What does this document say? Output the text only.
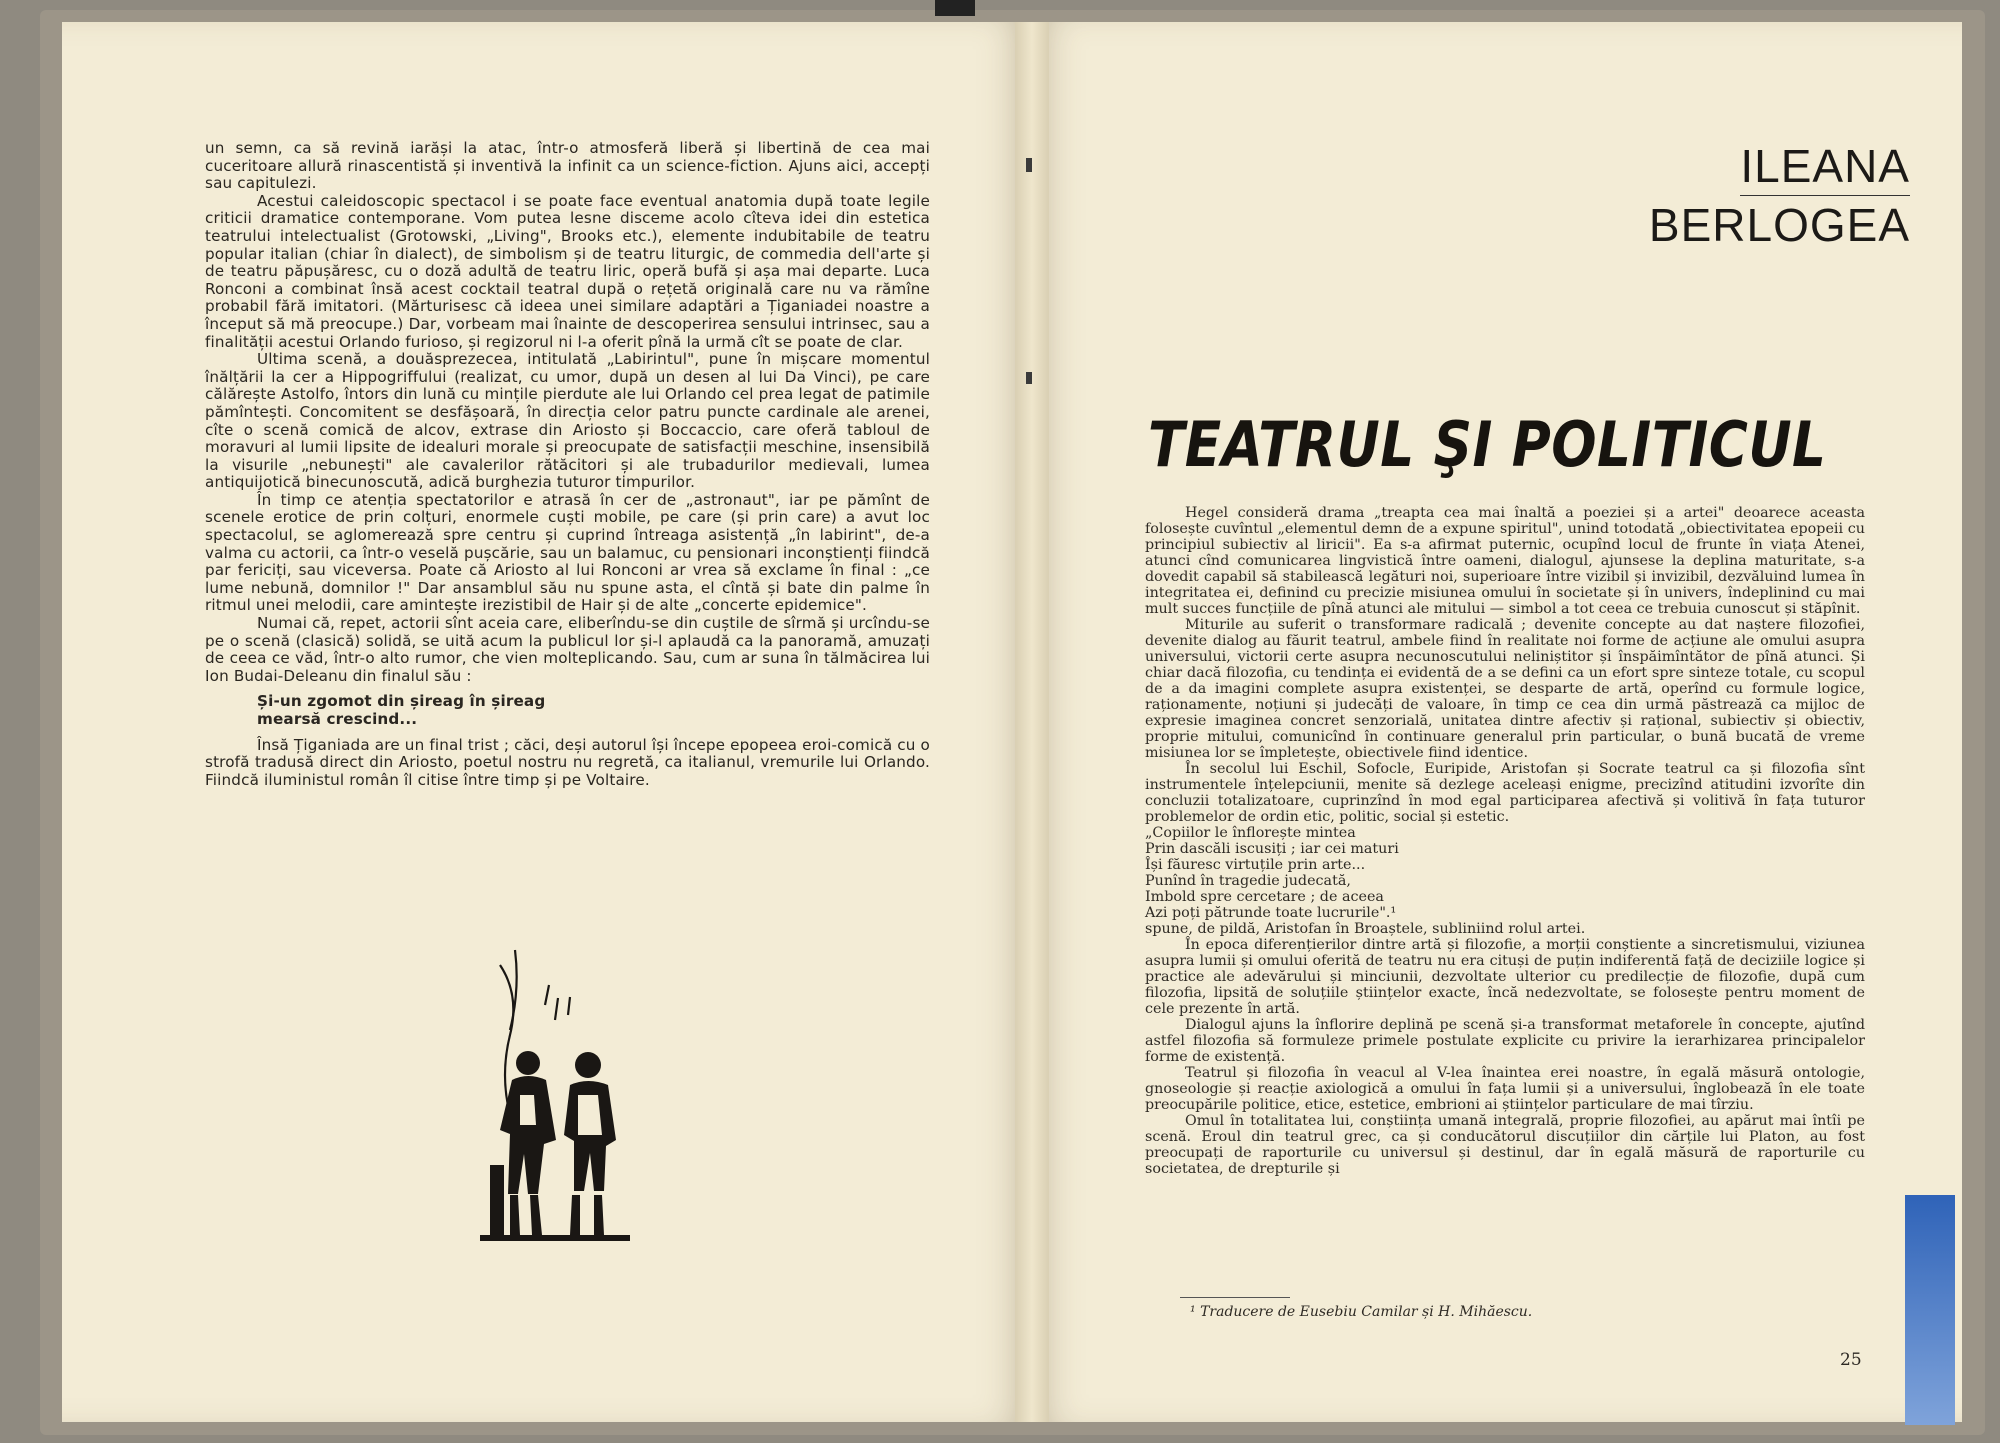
un semn, ca să revină iarăși la atac, într-o atmosferă liberă și libertină de cea mai cuceritoare allură rinascentistă și inventivă la infinit ca un science-fiction. Ajuns aici, accepți sau capitulezi.

Acestui caleidoscopic spectacol i se poate face eventual anatomia după toate legile criticii dramatice contemporane. Vom putea lesne disceme acolo cîteva idei din estetica teatrului intelectualist (Grotowski, „Living", Brooks etc.), elemente indubitabile de teatru popular italian (chiar în dialect), de simbolism și de teatru liturgic, de commedia dell'arte și de teatru păpușăresc, cu o doză adultă de teatru liric, operă bufă și așa mai departe. Luca Ronconi a combinat însă acest cocktail teatral după o rețetă originală care nu va rămîne probabil fără imitatori. (Mărturisesc că ideea unei similare adaptări a Țiganiadei noastre a început să mă preocupe.) Dar, vorbeam mai înainte de descoperirea sensului intrinsec, sau a finalității acestui Orlando furioso, și regizorul ni l-a oferit pînă la urmă cît se poate de clar.

Ultima scenă, a douăsprezecea, intitulată „Labirintul", pune în mișcare momentul înălțării la cer a Hippogriffului (realizat, cu umor, după un desen al lui Da Vinci), pe care călărește Astolfo, întors din lună cu mințile pierdute ale lui Orlando cel prea legat de patimile pămîntești. Concomitent se desfășoară, în direcția celor patru puncte cardinale ale arenei, cîte o scenă comică de alcov, extrase din Ariosto și Boccaccio, care oferă tabloul de moravuri al lumii lipsite de idealuri morale și preocupate de satisfacții meschine, insensibilă la visurile „nebunești" ale cavalerilor rătăcitori și ale trubadurilor medievali, lumea antiquijotică binecunoscută, adică burghezia tuturor timpurilor.

În timp ce atenția spectatorilor e atrasă în cer de „astronaut", iar pe pămînt de scenele erotice de prin colțuri, enormele cuști mobile, pe care (și prin care) a avut loc spectacolul, se aglomerează spre centru și cuprind întreaga asistență „în labirint", de-a valma cu actorii, ca într-o veselă pușcărie, sau un balamuc, cu pensionari inconștienți fiindcă par fericiți, sau viceversa. Poate că Ariosto al lui Ronconi ar vrea să exclame în final : „ce lume nebună, domnilor !" Dar ansamblul său nu spune asta, el cîntă și bate din palme în ritmul unei melodii, care amintește irezistibil de Hair și de alte „concerte epidemice".

Numai că, repet, actorii sînt aceia care, eliberîndu-se din cuștile de sîrmă și urcîndu-se pe o scenă (clasică) solidă, se uită acum la publicul lor și-l aplaudă ca la panoramă, amuzați de ceea ce văd, într-o alto rumor, che vien molteplicando. Sau, cum ar suna în tălmăcirea lui Ion Budai-Deleanu din finalul său :

Și-un zgomot din șireag în șireag
mearsă crescind...

Însă Țiganiada are un final trist ; căci, deși autorul își începe epopeea eroi-comică cu o strofă tradusă direct din Ariosto, poetul nostru nu regretă, ca italianul, vremurile lui Orlando. Fiindcă iluministul român îl citise între timp și pe Voltaire.

ILEANA
BERLOGEA
TEATRUL ŞI POLITICUL

Hegel consideră drama „treapta cea mai înaltă a poeziei și a artei" deoarece aceasta folosește cuvîntul „elementul demn de a expune spiritul", unind totodată „obiectivitatea epopeii cu principiul subiectiv al liricii". Ea s-a afirmat puternic, ocupînd locul de frunte în viața Atenei, atunci cînd comunicarea lingvistică între oameni, dialogul, ajunsese la deplina maturitate, s-a dovedit capabil să stabilească legături noi, superioare între vizibil și invizibil, dezvăluind lumea în integritatea ei, definind cu precizie misiunea omului în societate și în univers, îndeplinind cu mai mult succes funcțiile de pînă atunci ale mitului — simbol a tot ceea ce trebuia cunoscut și stăpînit.

Miturile au suferit o transformare radicală ; devenite concepte au dat naștere filozofiei, devenite dialog au făurit teatrul, ambele fiind în realitate noi forme de acțiune ale omului asupra universului, victorii certe asupra necunoscutului neliniștitor și înspăimîntător de pînă atunci. Și chiar dacă filozofia, cu tendința ei evidentă de a se defini ca un efort spre sinteze totale, cu scopul de a da imagini complete asupra existenței, se desparte de artă, operînd cu formule logice, raționamente, noțiuni și judecăți de valoare, în timp ce cea din urmă păstrează ca mijloc de expresie imaginea concret senzorială, unitatea dintre afectiv și rațional, subiectiv și obiectiv, proprie mitului, comunicînd în continuare generalul prin particular, o bună bucată de vreme misiunea lor se împletește, obiectivele fiind identice.

În secolul lui Eschil, Sofocle, Euripide, Aristofan și Socrate teatrul ca și filozofia sînt instrumentele înțelepciunii, menite să dezlege aceleași enigme, precizînd atitudini izvorîte din concluzii totalizatoare, cuprinzînd în mod egal participarea afectivă și volitivă în fața tuturor problemelor de ordin etic, politic, social și estetic.

„Copiilor le înflorește mintea
Prin dascăli iscusiți ; iar cei maturi
Își făuresc virtuțile prin arte...
Punînd în tragedie judecată,
Imbold spre cercetare ; de aceea
Azi poți pătrunde toate lucrurile".¹
spune, de pildă, Aristofan în Broaștele, subliniind rolul artei.

În epoca diferențierilor dintre artă și filozofie, a morții conștiente a sincretismului, viziunea asupra lumii și omului oferită de teatru nu era cituși de puțin indiferentă față de deciziile logice și practice ale adevărului și minciunii, dezvoltate ulterior cu predilecție de filozofie, după cum filozofia, lipsită de soluțiile științelor exacte, încă nedezvoltate, se folosește pentru moment de cele prezente în artă.

Dialogul ajuns la înflorire deplină pe scenă și-a transformat metaforele în concepte, ajutînd astfel filozofia să formuleze primele postulate explicite cu privire la ierarhizarea principalelor forme de existență.

Teatrul și filozofia în veacul al V-lea înaintea erei noastre, în egală măsură ontologie, gnoseologie și reacție axiologică a omului în fața lumii și a universului, înglobează în ele toate preocupările politice, etice, estetice, embrioni ai științelor particulare de mai tîrziu.

Omul în totalitatea lui, conștiința umană integrală, proprie filozofiei, au apărut mai întîi pe scenă. Eroul din teatrul grec, ca și conducătorul discuțiilor din cărțile lui Platon, au fost preocupați de raporturile cu universul și destinul, dar în egală măsură de raporturile cu societatea, de drepturile și

¹ Traducere de Eusebiu Camilar și H. Mihăescu.
25
